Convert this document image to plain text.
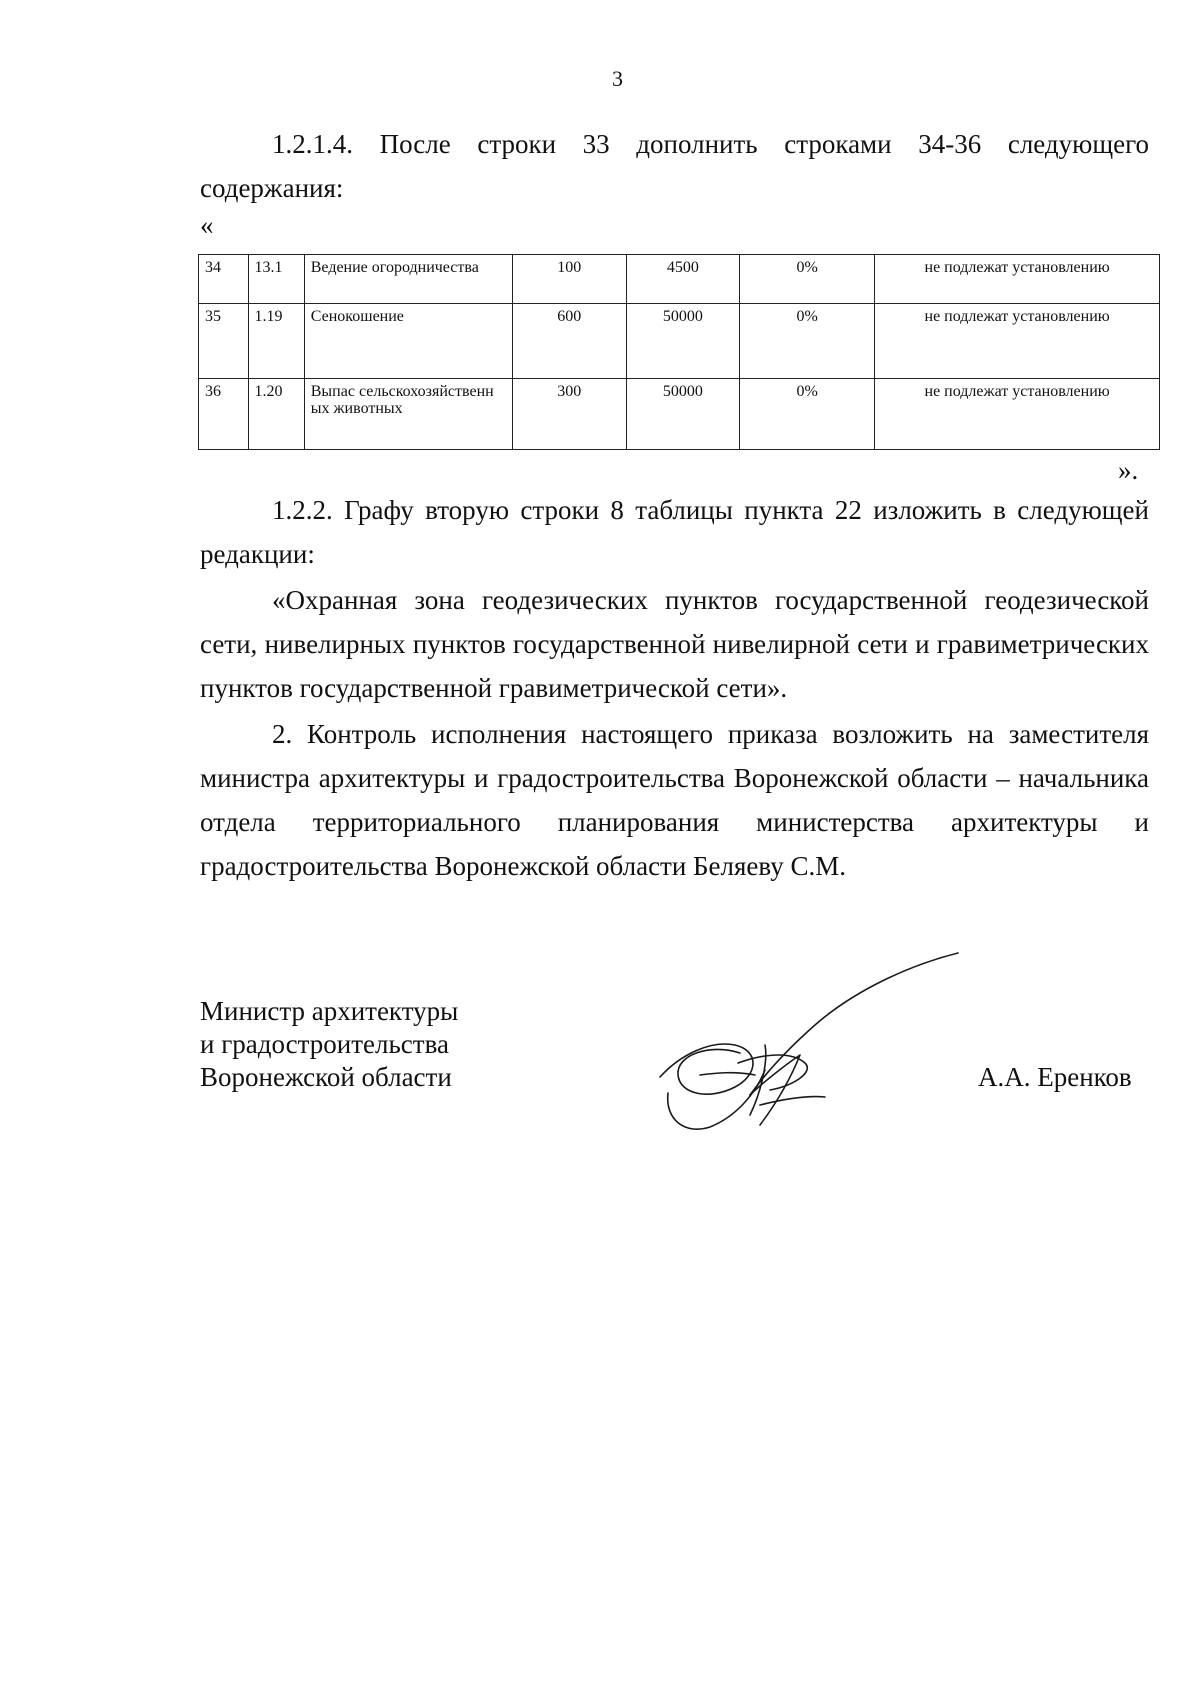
3

1.2.1.4. После строки 33 дополнить строками 34-36 следующего содержания:

«
34	13.1	Ведение огородничества	100	4500	0%	не подлежат установлению
35	1.19	Сенокошение	600	50000	0%	не подлежат установлению
36	1.20	Выпас сельскохозяйственн ых животных	300	50000	0%	не подлежат установлению
».

1.2.2. Графу вторую строки 8 таблицы пункта 22 изложить в следующей редакции:

«Охранная зона геодезических пунктов государственной геодезической сети, нивелирных пунктов государственной нивелирной сети и гравиметрических пунктов государственной гравиметрической сети».

2. Контроль исполнения настоящего приказа возложить на заместителя министра архитектуры и градостроительства Воронежской области – начальника отдела территориального планирования министерства архитектуры и градостроительства Воронежской области Беляеву С.М.

Министр архитектуры
и градостроительства
Воронежской области	А.А. Еренков
